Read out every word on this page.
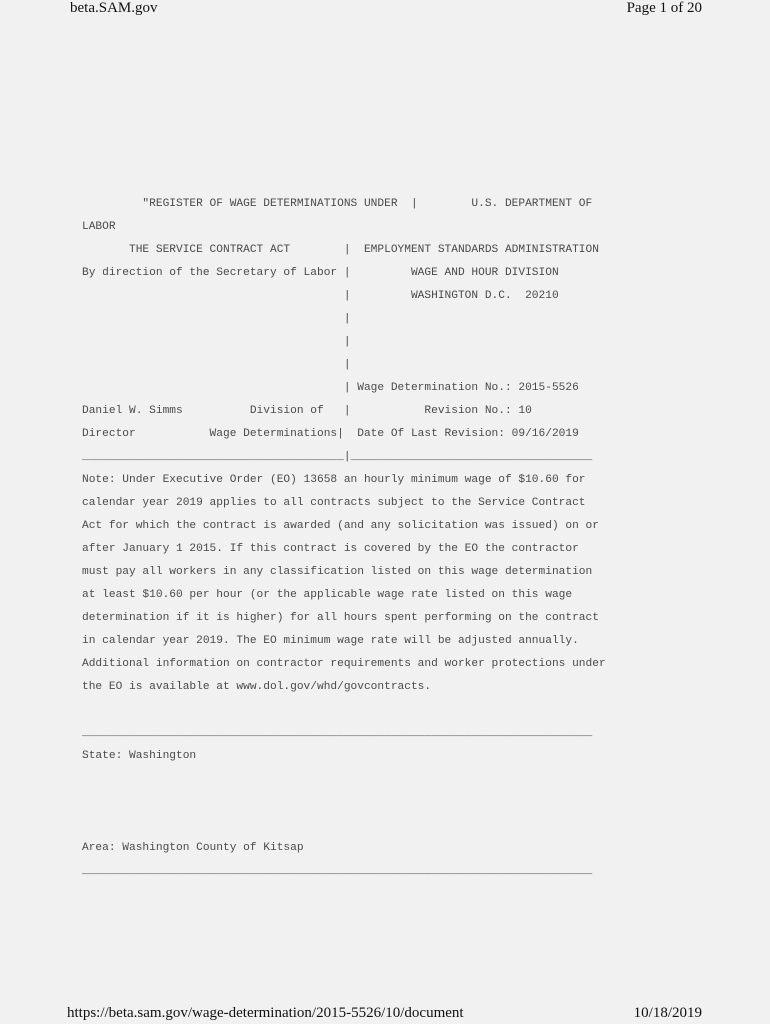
beta.SAM.gov	Page 1 of 20

"REGISTER OF WAGE DETERMINATIONS UNDER  |        U.S. DEPARTMENT OF

LABOR

THE SERVICE CONTRACT ACT        |  EMPLOYMENT STANDARDS ADMINISTRATION

By direction of the Secretary of Labor |         WAGE AND HOUR DIVISION

|         WASHINGTON D.C.  20210

|

|

|

| Wage Determination No.: 2015-5526

Daniel W. Simms          Division of   |           Revision No.: 10

Director           Wage Determinations|  Date Of Last Revision: 09/16/2019

_______________________________________|____________________________________

Note: Under Executive Order (EO) 13658 an hourly minimum wage of $10.60 for

calendar year 2019 applies to all contracts subject to the Service Contract

Act for which the contract is awarded (and any solicitation was issued) on or

after January 1 2015. If this contract is covered by the EO the contractor

must pay all workers in any classification listed on this wage determination

at least $10.60 per hour (or the applicable wage rate listed on this wage

determination if it is higher) for all hours spent performing on the contract

in calendar year 2019. The EO minimum wage rate will be adjusted annually.

Additional information on contractor requirements and worker protections under

the EO is available at www.dol.gov/whd/govcontracts.

____________________________________________________________________________

State: Washington

Area: Washington County of Kitsap

____________________________________________________________________________

https://beta.sam.gov/wage-determination/2015-5526/10/document	10/18/2019
